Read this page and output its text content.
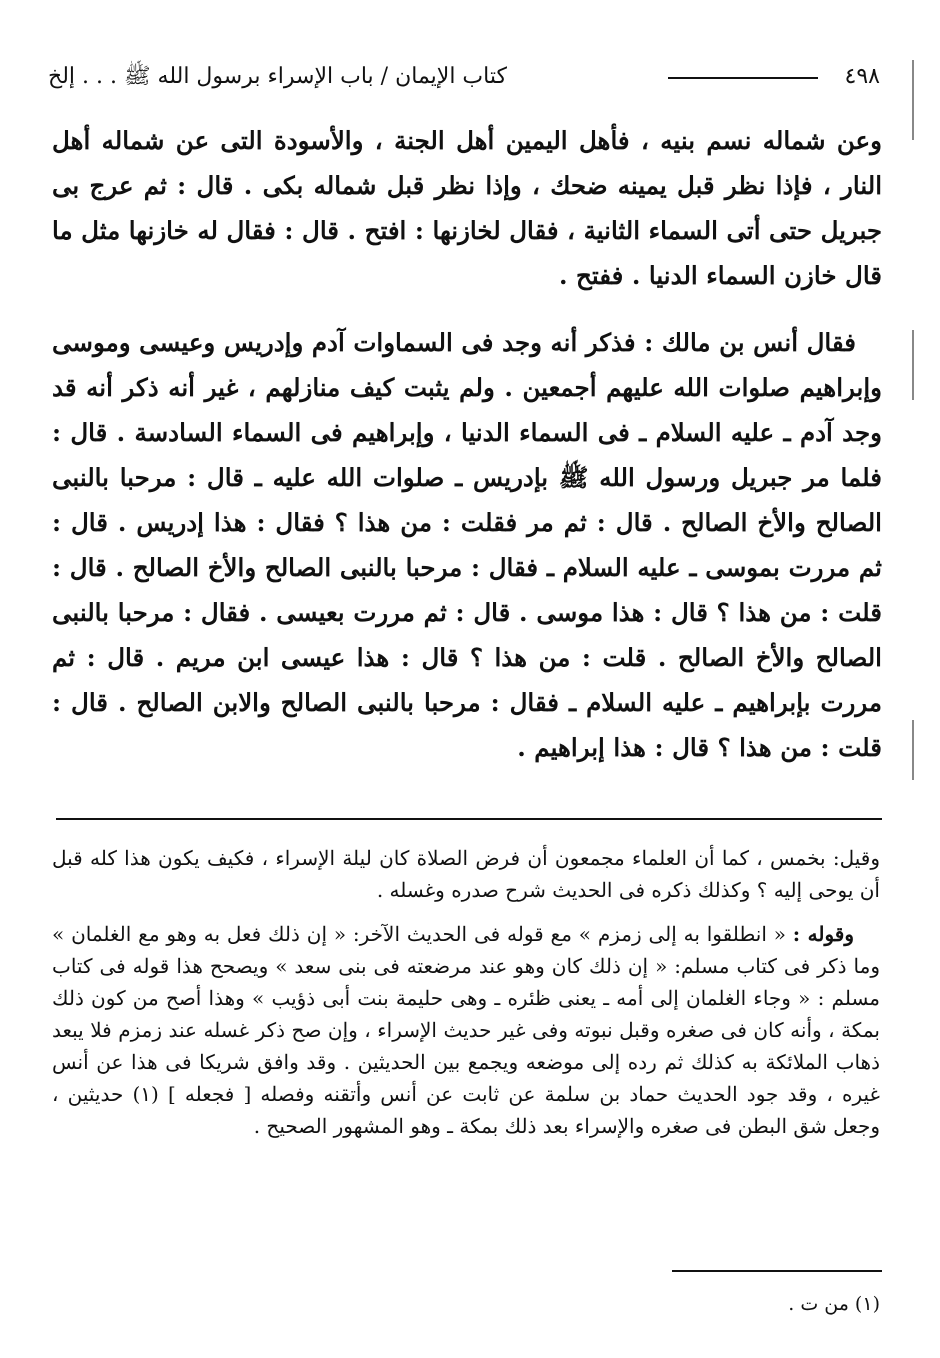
٤٩٨
كتاب الإيمان / باب الإسراء برسول الله ﷺ . . . إلخ

وعن شماله نسم بنيه ، فأهل اليمين أهل الجنة ، والأسودة التى عن شماله أهل النار ، فإذا نظر قبل يمينه ضحك ، وإذا نظر قبل شماله بكى . قال : ثم عرج بى جبريل حتى أتى السماء الثانية ، فقال لخازنها : افتح . قال : فقال له خازنها مثل ما قال خازن السماء الدنيا . ففتح .

فقال أنس بن مالك : فذكر أنه وجد فى السماوات آدم وإدريس وعيسى وموسى وإبراهيم صلوات الله عليهم أجمعين . ولم يثبت كيف منازلهم ، غير أنه ذكر أنه قد وجد آدم ـ عليه السلام ـ فى السماء الدنيا ، وإبراهيم فى السماء السادسة . قال : فلما مر جبريل ورسول الله ﷺ بإدريس ـ صلوات الله عليه ـ قال : مرحبا بالنبى الصالح والأخ الصالح . قال : ثم مر فقلت : من هذا ؟ فقال : هذا إدريس . قال : ثم مررت بموسى ـ عليه السلام ـ فقال : مرحبا بالنبى الصالح والأخ الصالح . قال : قلت : من هذا ؟ قال : هذا موسى . قال : ثم مررت بعيسى . فقال : مرحبا بالنبى الصالح والأخ الصالح . قلت : من هذا ؟ قال : هذا عيسى ابن مريم . قال : ثم مررت بإبراهيم ـ عليه السلام ـ فقال : مرحبا بالنبى الصالح والابن الصالح . قال : قلت : من هذا ؟ قال : هذا إبراهيم .

وقيل: بخمس ، كما أن العلماء مجمعون أن فرض الصلاة كان ليلة الإسراء ، فكيف يكون هذا كله قبل أن يوحى إليه ؟ وكذلك ذكره فى الحديث شرح صدره وغسله .

وقوله : « انطلقوا به إلى زمزم » مع قوله فى الحديث الآخر: « إن ذلك فعل به وهو مع الغلمان » وما ذكر فى كتاب مسلم: « إن ذلك كان وهو عند مرضعته فى بنى سعد » ويصحح هذا قوله فى كتاب مسلم : « وجاء الغلمان إلى أمه ـ يعنى ظئره ـ وهى حليمة بنت أبى ذؤيب » وهذا أصح من كون ذلك بمكة ، وأنه كان فى صغره وقبل نبوته وفى غير حديث الإسراء ، وإن صح ذكر غسله عند زمزم فلا يبعد ذهاب الملائكة به كذلك ثم رده إلى موضعه ويجمع بين الحديثين . وقد وافق شريكا فى هذا عن أنس غيره ، وقد جود الحديث حماد بن سلمة عن ثابت عن أنس وأتقنه وفصله [ فجعله ] (١) حديثين ، وجعل شق البطن فى صغره والإسراء بعد ذلك بمكة ـ وهو المشهور الصحيح .

(١) من ت .
